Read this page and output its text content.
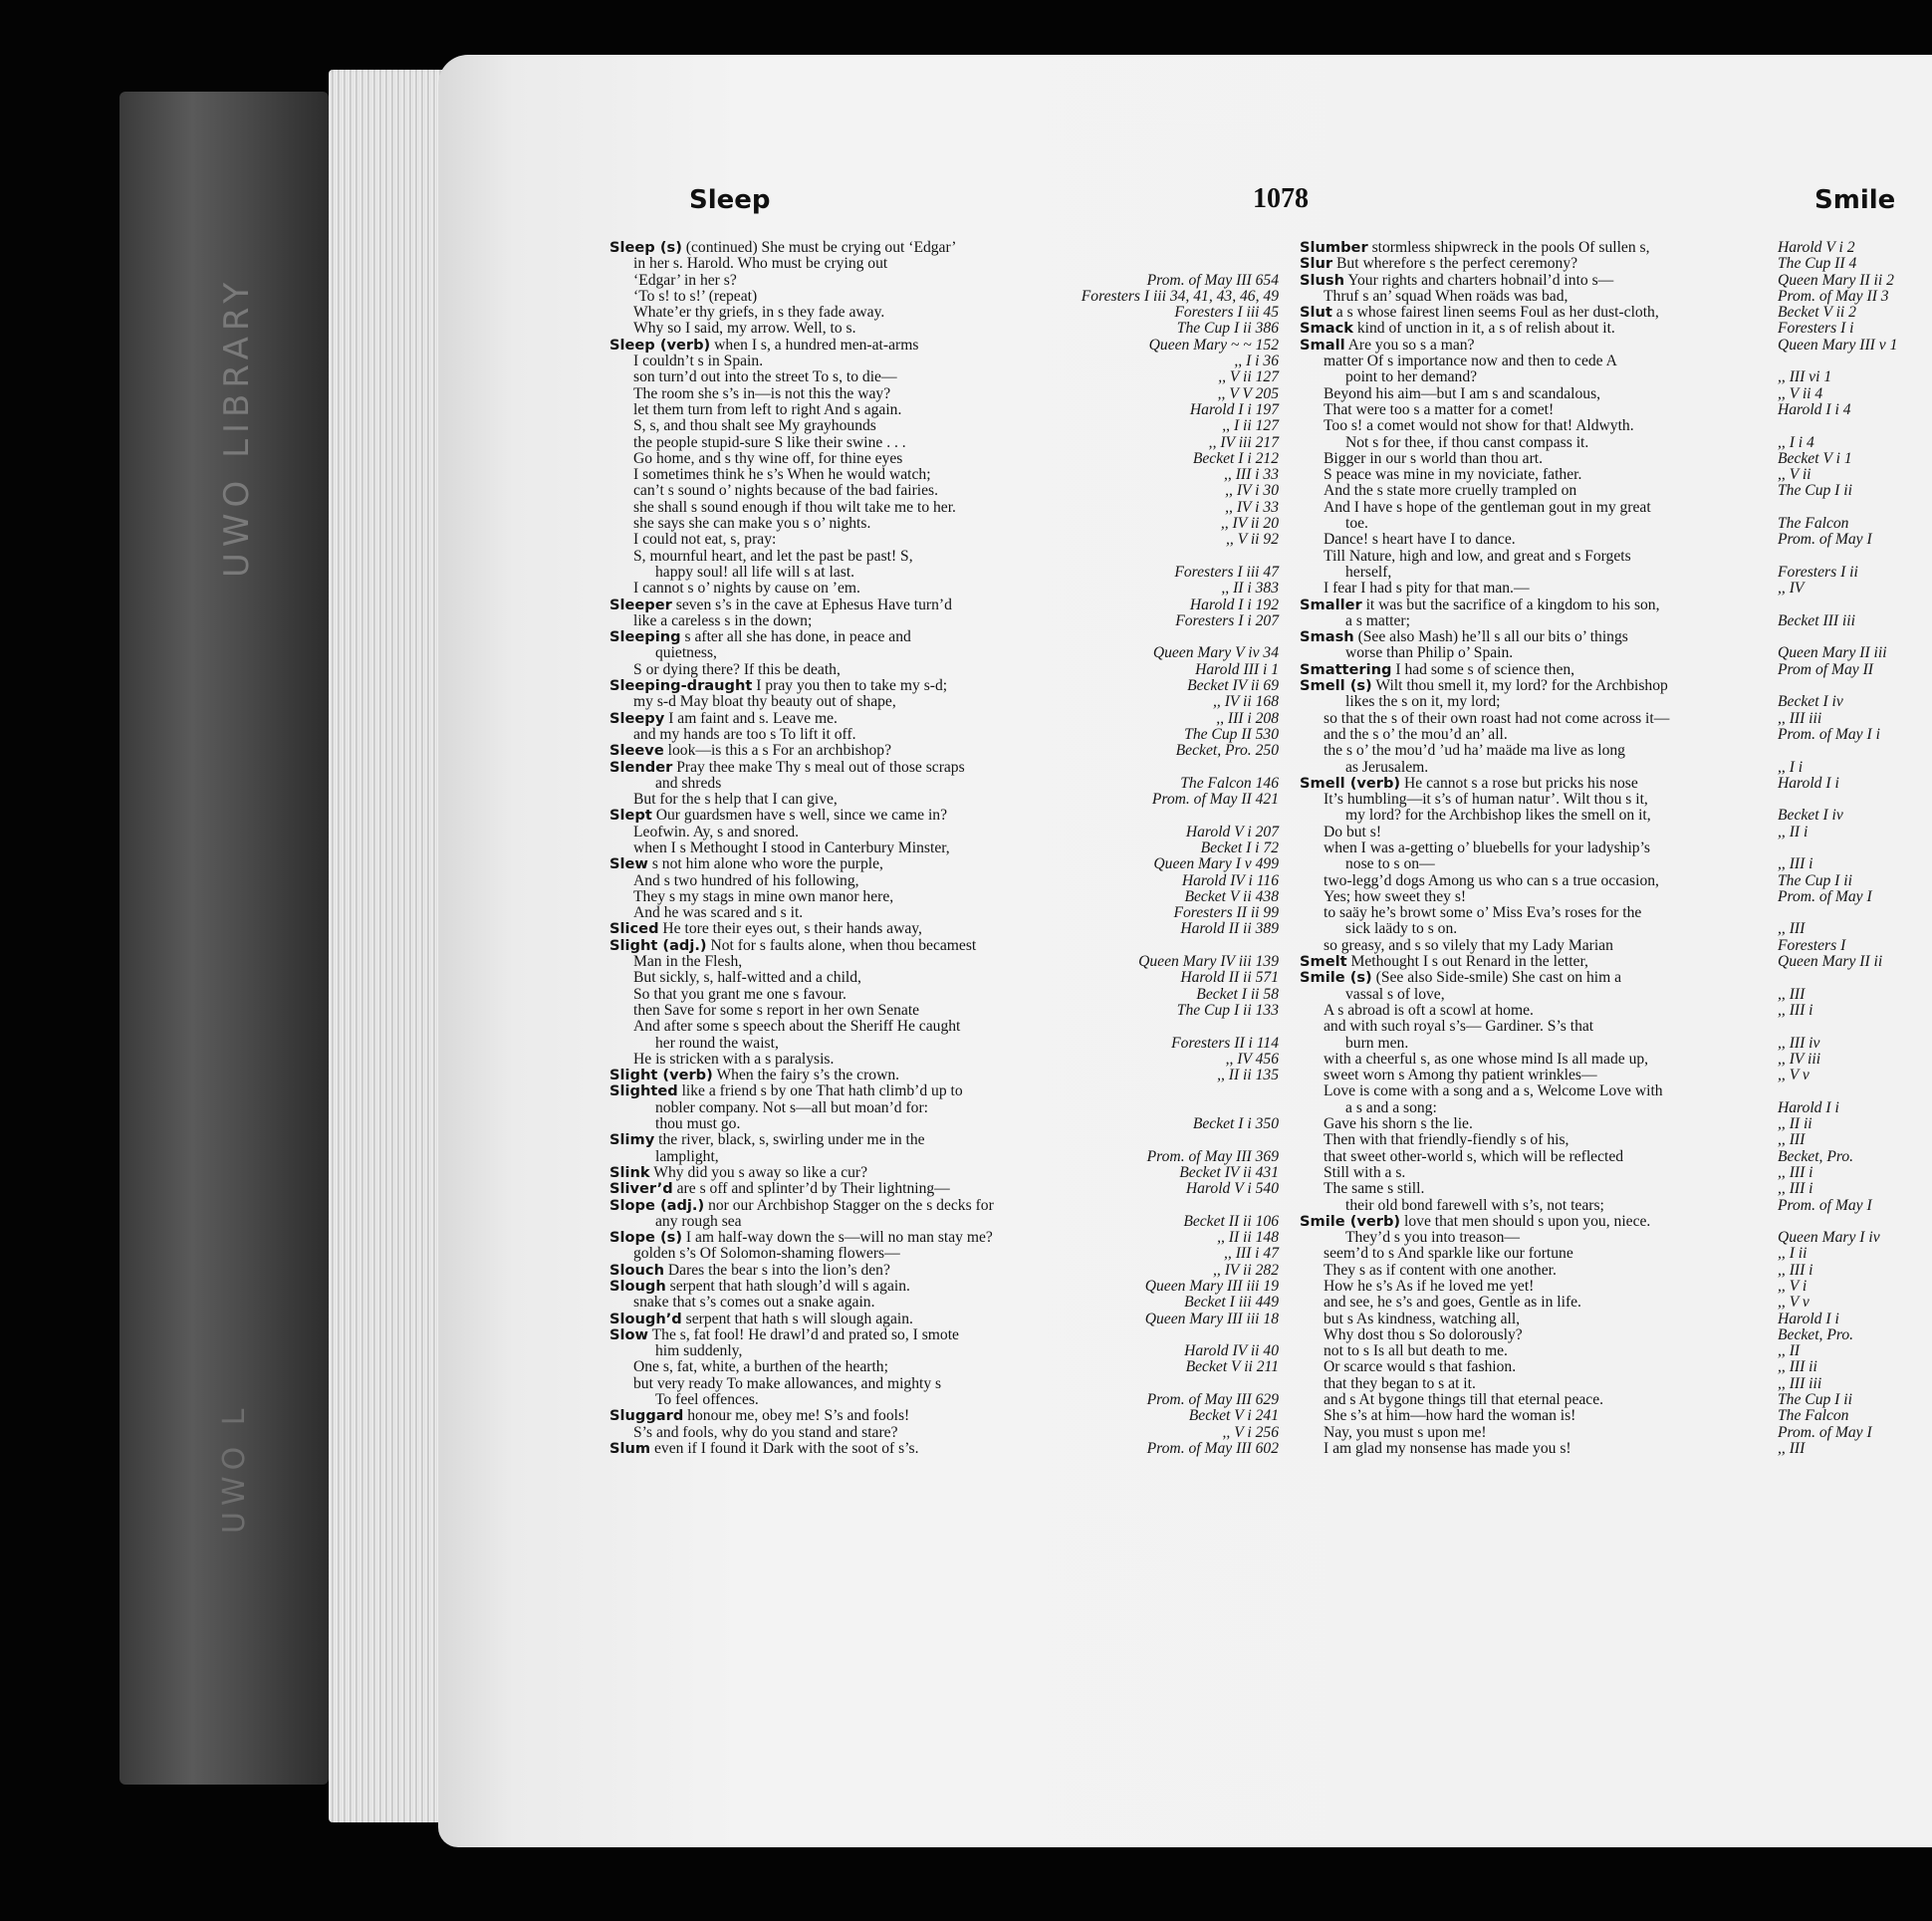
UWO LIBRARY
UWO L
Sleep	1078	Smile
Sleep (s) (continued) She must be crying out ‘Edgar’
in her s. Harold. Who must be crying out
‘Edgar’ in her s?	Prom. of May III 654
‘To s! to s!’ (repeat)	Foresters I iii 34, 41, 43, 46, 49
Whate’er thy griefs, in s they fade away.	Foresters I iii 45
Why so I said, my arrow. Well, to s.	The Cup I ii 386
Sleep (verb) when I s, a hundred men-at-arms	Queen Mary ~ ~ 152
I couldn’t s in Spain.	,, I i 36
son turn’d out into the street To s, to die—	,, V ii 127
The room she s’s in—is not this the way?	,, V V 205
let them turn from left to right And s again.	Harold I i 197
S, s, and thou shalt see My grayhounds	,, I ii 127
the people stupid-sure S like their swine . . .	,, IV iii 217
Go home, and s thy wine off, for thine eyes	Becket I i 212
I sometimes think he s’s When he would watch;	,, III i 33
can’t s sound o’ nights because of the bad fairies.	,, IV i 30
she shall s sound enough if thou wilt take me to her.	,, IV i 33
she says she can make you s o’ nights.	,, IV ii 20
I could not eat, s, pray:	,, V ii 92
S, mournful heart, and let the past be past! S,
happy soul! all life will s at last.	Foresters I iii 47
I cannot s o’ nights by cause on ’em.	,, II i 383
Sleeper seven s’s in the cave at Ephesus Have turn’d	Harold I i 192
like a careless s in the down;	Foresters I i 207
Sleeping s after all she has done, in peace and
quietness,	Queen Mary V iv 34
S or dying there? If this be death,	Harold III i 1
Sleeping-draught I pray you then to take my s-d;	Becket IV ii 69
my s-d May bloat thy beauty out of shape,	,, IV ii 168
Sleepy I am faint and s. Leave me.	,, III i 208
and my hands are too s To lift it off.	The Cup II 530
Sleeve look—is this a s For an archbishop?	Becket, Pro. 250
Slender Pray thee make Thy s meal out of those scraps
and shreds	The Falcon 146
But for the s help that I can give,	Prom. of May II 421
Slept Our guardsmen have s well, since we came in?
Leofwin. Ay, s and snored.	Harold V i 207
when I s Methought I stood in Canterbury Minster,	Becket I i 72
Slew s not him alone who wore the purple,	Queen Mary I v 499
And s two hundred of his following,	Harold IV i 116
They s my stags in mine own manor here,	Becket V ii 438
And he was scared and s it.	Foresters II ii 99
Sliced He tore their eyes out, s their hands away,	Harold II ii 389
Slight (adj.) Not for s faults alone, when thou becamest
Man in the Flesh,	Queen Mary IV iii 139
But sickly, s, half-witted and a child,	Harold II ii 571
So that you grant me one s favour.	Becket I ii 58
then Save for some s report in her own Senate	The Cup I ii 133
And after some s speech about the Sheriff He caught
her round the waist,	Foresters II i 114
He is stricken with a s paralysis.	,, IV 456
Slight (verb) When the fairy s’s the crown.	,, II ii 135
Slighted like a friend s by one That hath climb’d up to
nobler company. Not s—all but moan’d for:
thou must go.	Becket I i 350
Slimy the river, black, s, swirling under me in the
lamplight,	Prom. of May III 369
Slink Why did you s away so like a cur?	Becket IV ii 431
Sliver’d are s off and splinter’d by Their lightning—	Harold V i 540
Slope (adj.) nor our Archbishop Stagger on the s decks for
any rough sea	Becket II ii 106
Slope (s) I am half-way down the s—will no man stay me?	,, II ii 148
golden s’s Of Solomon-shaming flowers—	,, III i 47
Slouch Dares the bear s into the lion’s den?	,, IV ii 282
Slough serpent that hath slough’d will s again.	Queen Mary III iii 19
snake that s’s comes out a snake again.	Becket I iii 449
Slough’d serpent that hath s will slough again.	Queen Mary III iii 18
Slow The s, fat fool! He drawl’d and prated so, I smote
him suddenly,	Harold IV ii 40
One s, fat, white, a burthen of the hearth;	Becket V ii 211
but very ready To make allowances, and mighty s
To feel offences.	Prom. of May III 629
Sluggard honour me, obey me! S’s and fools!	Becket V i 241
S’s and fools, why do you stand and stare?	,, V i 256
Slum even if I found it Dark with the soot of s’s.	Prom. of May III 602
Slumber stormless shipwreck in the pools Of sullen s,	Harold V i 2
Slur But wherefore s the perfect ceremony?	The Cup II 4
Slush Your rights and charters hobnail’d into s—	Queen Mary II ii 2
Thruf s an’ squad When roäds was bad,	Prom. of May II 3
Slut a s whose fairest linen seems Foul as her dust-cloth,	Becket V ii 2
Smack kind of unction in it, a s of relish about it.	Foresters I i
Small Are you so s a man?	Queen Mary III v 1
matter Of s importance now and then to cede A
point to her demand?	,, III vi 1
Beyond his aim—but I am s and scandalous,	,, V ii 4
That were too s a matter for a comet!	Harold I i 4
Too s! a comet would not show for that! Aldwyth.
Not s for thee, if thou canst compass it.	,, I i 4
Bigger in our s world than thou art.	Becket V i 1
S peace was mine in my noviciate, father.	,, V ii
And the s state more cruelly trampled on	The Cup I ii
And I have s hope of the gentleman gout in my great
toe.	The Falcon
Dance! s heart have I to dance.	Prom. of May I
Till Nature, high and low, and great and s Forgets
herself,	Foresters I ii
I fear I had s pity for that man.—	,, IV
Smaller it was but the sacrifice of a kingdom to his son,
a s matter;	Becket III iii
Smash (See also Mash) he’ll s all our bits o’ things
worse than Philip o’ Spain.	Queen Mary II iii
Smattering I had some s of science then,	Prom of May II
Smell (s) Wilt thou smell it, my lord? for the Archbishop
likes the s on it, my lord;	Becket I iv
so that the s of their own roast had not come across it—	,, III iii
and the s o’ the mou’d an’ all.	Prom. of May I i
the s o’ the mou’d ’ud ha’ maäde ma live as long
as Jerusalem.	,, I i
Smell (verb) He cannot s a rose but pricks his nose	Harold I i
It’s humbling—it s’s of human natur’. Wilt thou s it,
my lord? for the Archbishop likes the smell on it,	Becket I iv
Do but s!	,, II i
when I was a-getting o’ bluebells for your ladyship’s
nose to s on—	,, III i
two-legg’d dogs Among us who can s a true occasion,	The Cup I ii
Yes; how sweet they s!	Prom. of May I
to saäy he’s browt some o’ Miss Eva’s roses for the
sick laädy to s on.	,, III
so greasy, and s so vilely that my Lady Marian	Foresters I
Smelt Methought I s out Renard in the letter,	Queen Mary II ii
Smile (s) (See also Side-smile) She cast on him a
vassal s of love,	,, III
A s abroad is oft a scowl at home.	,, III i
and with such royal s’s— Gardiner. S’s that
burn men.	,, III iv
with a cheerful s, as one whose mind Is all made up,	,, IV iii
sweet worn s Among thy patient wrinkles—	,, V v
Love is come with a song and a s, Welcome Love with
a s and a song:	Harold I i
Gave his shorn s the lie.	,, II ii
Then with that friendly-fiendly s of his,	,, III
that sweet other-world s, which will be reflected	Becket, Pro.
Still with a s.	,, III i
The same s still.	,, III i
their old bond farewell with s’s, not tears;	Prom. of May I
Smile (verb) love that men should s upon you, niece.
They’d s you into treason—	Queen Mary I iv
seem’d to s And sparkle like our fortune	,, I ii
They s as if content with one another.	,, III i
How he s’s As if he loved me yet!	,, V i
and see, he s’s and goes, Gentle as in life.	,, V v
but s As kindness, watching all,	Harold I i
Why dost thou s So dolorously?	Becket, Pro.
not to s Is all but death to me.	,, II
Or scarce would s that fashion.	,, III ii
that they began to s at it.	,, III iii
and s At bygone things till that eternal peace.	The Cup I ii
She s’s at him—how hard the woman is!	The Falcon
Nay, you must s upon me!	Prom. of May I
I am glad my nonsense has made you s!	,, III
